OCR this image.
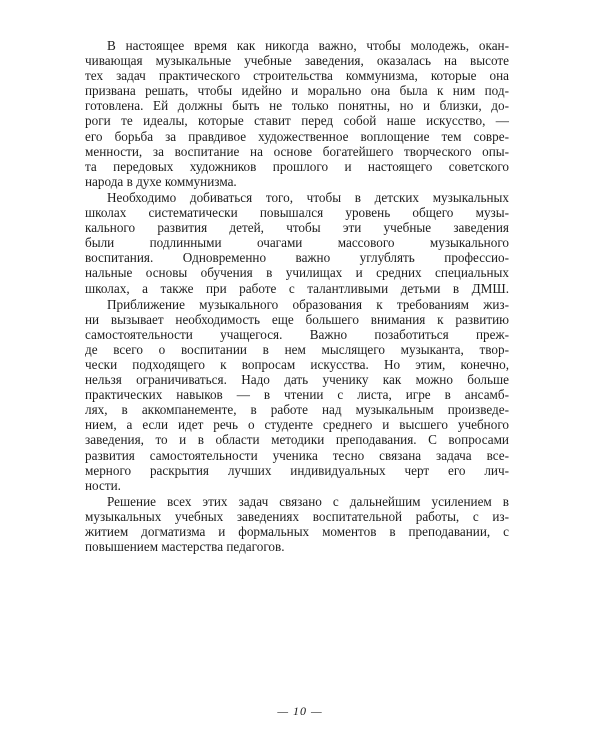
В настоящее время как никогда важно, чтобы молодежь, окан-
чивающая музыкальные учебные заведения, оказалась на высоте
тех задач практического строительства коммунизма, которые она
призвана решать, чтобы идейно и морально она была к ним под-
готовлена. Ей должны быть не только понятны, но и близки, до-
роги те идеалы, которые ставит перед собой наше искусство, —
его борьба за правдивое художественное воплощение тем совре-
менности, за воспитание на основе богатейшего творческого опы-
та передовых художников прошлого и настоящего советского
народа в духе коммунизма.
Необходимо добиваться того, чтобы в детских музыкальных
школах систематически повышался уровень общего музы-
кального развития детей, чтобы эти учебные заведения
были подлинными очагами массового музыкального
воспитания. Одновременно важно углублять профессио-
нальные основы обучения в училищах и средних специальных
школах, а также при работе с талантливыми детьми в ДМШ.
Приближение музыкального образования к требованиям жиз-
ни вызывает необходимость еще большего внимания к развитию
самостоятельности учащегося. Важно позаботиться преж-
де всего о воспитании в нем мыслящего музыканта, твор-
чески подходящего к вопросам искусства. Но этим, конечно,
нельзя ограничиваться. Надо дать ученику как можно больше
практических навыков — в чтении с листа, игре в ансамб-
лях, в аккомпанементе, в работе над музыкальным произведе-
нием, а если идет речь о студенте среднего и высшего учебного
заведения, то и в области методики преподавания. С вопросами
развития самостоятельности ученика тесно связана задача все-
мерного раскрытия лучших индивидуальных черт его лич-
ности.
Решение всех этих задач связано с дальнейшим усилением в
музыкальных учебных заведениях воспитательной работы, с из-
житием догматизма и формальных моментов в преподавании, с
повышением мастерства педагогов.
— 10 —
